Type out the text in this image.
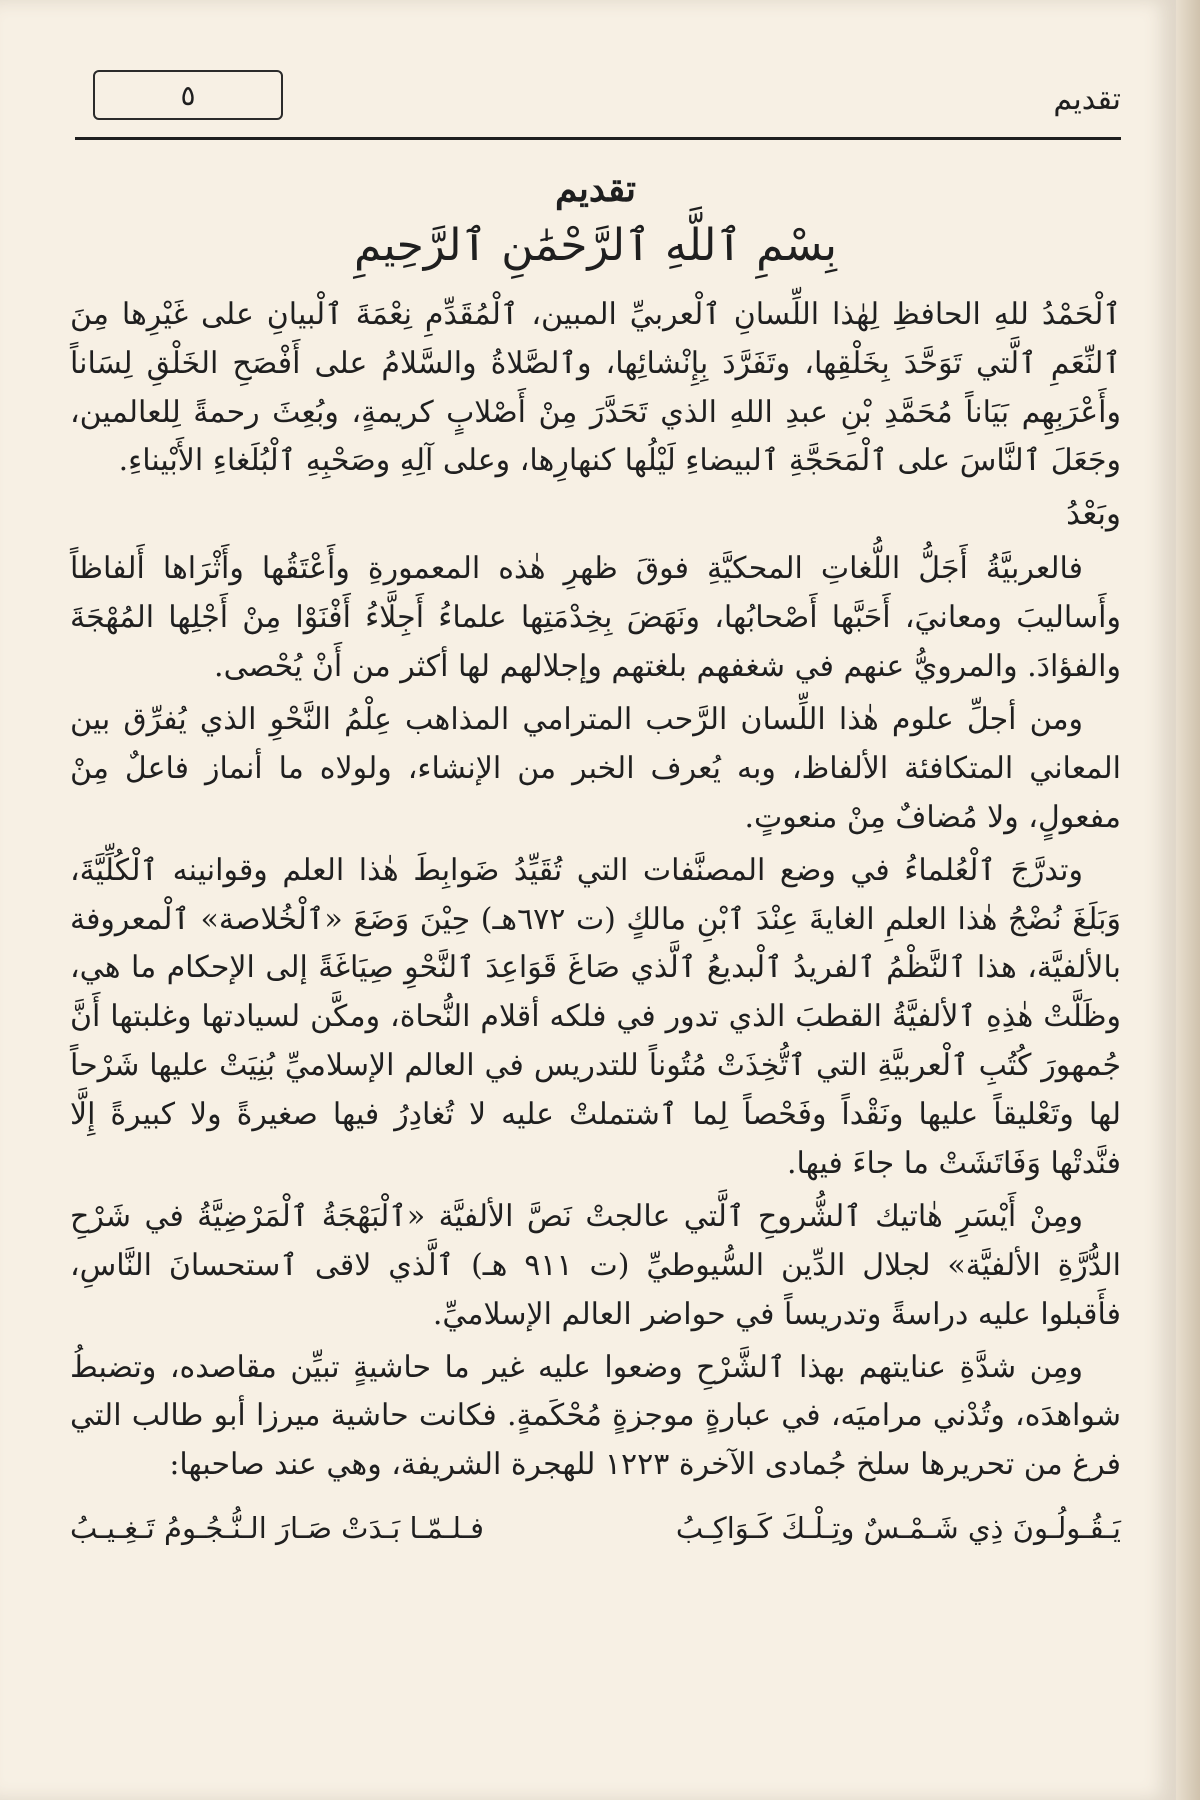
٥	تقديم
تقديم
بِسْمِ ٱللَّهِ ٱلرَّحْمَٰنِ ٱلرَّحِيمِ

ٱلْحَمْدُ للهِ الحافظِ لِهٰذا اللِّسانِ ٱلْعربيِّ المبين، ٱلْمُقَدِّمِ نِعْمَةَ ٱلْبيانِ على غَيْرِها مِنَ ٱلنِّعَمِ ٱلَّتي تَوَحَّدَ بِخَلْقِها، وتَفَرَّدَ بِإِنْشائِها، وٱلصَّلاةُ والسَّلامُ على أَفْصَحِ الخَلْقِ لِسَاناً وأَعْرَبِهِم بَيَاناً مُحَمَّدِ بْنِ عبدِ اللهِ الذي تَحَدَّرَ مِنْ أَصْلابٍ كريمةٍ، وبُعِثَ رحمةً لِلعالمين، وجَعَلَ ٱلنَّاسَ على ٱلْمَحَجَّةِ ٱلبيضاءِ لَيْلُها كنهارِها، وعلى آلِهِ وصَحْبِهِ ٱلْبُلَغاءِ الأَبْيناءِ.

وبَعْدُ

فالعربيَّةُ أَجَلُّ اللُّغاتِ المحكيَّةِ فوقَ ظهرِ هٰذه المعمورةِ وأَعْتَقُها وأَثْرَاها أَلفاظاً وأَساليبَ ومعانيَ، أَحَبَّها أَصْحابُها، ونَهَضَ بِخِدْمَتِها علماءُ أَجِلَّاءُ أَفْنَوْا مِنْ أَجْلِها المُهْجَةَ والفؤادَ. والمرويُّ عنهم في شغفهم بلغتهم وإجلالهم لها أكثر من أَنْ يُحْصى.

ومن أجلِّ علوم هٰذا اللِّسان الرَّحب المترامي المذاهب عِلْمُ النَّحْوِ الذي يُفرِّق بين المعاني المتكافئة الألفاظ، وبه يُعرف الخبر من الإنشاء، ولولاه ما أنماز فاعلٌ مِنْ مفعولٍ، ولا مُضافٌ مِنْ منعوتٍ.

وتدرَّجَ ٱلْعُلماءُ في وضع المصنَّفات التي تُقَيِّدُ ضَوابِطَ هٰذا العلم وقوانينه ٱلْكُلِّيَّةَ، وَبَلَغَ نُضْجُ هٰذا العلمِ الغايةَ عِنْدَ ٱبْنِ مالكٍ (ت ٦٧٢هـ) حِيْنَ وَضَعَ «ٱلْخُلاصة» ٱلْمعروفة بالألفيَّة، هذا ٱلنَّظْمُ ٱلفريدُ ٱلْبديعُ ٱلَّذي صَاغَ قَوَاعِدَ ٱلنَّحْوِ صِيَاغَةً إلى الإحكام ما هي، وظَلَّتْ هٰذِهِ ٱلألفيَّةُ القطبَ الذي تدور في فلكه أقلام النُّحاة، ومكَّن لسيادتها وغلبتها أَنَّ جُمهورَ كُتُبِ ٱلْعربيَّةِ التي ٱتُّخِذَتْ مُتُوناً للتدريس في العالم الإسلاميِّ بُنِيَتْ عليها شَرْحاً لها وتَعْليقاً عليها ونَقْداً وفَحْصاً لِما ٱشتملتْ عليه لا تُغادِرُ فيها صغيرةً ولا كبيرةً إِلَّا فنَّدتْها وَفَاتَشَتْ ما جاءَ فيها.

ومِنْ أَيْسَرِ هٰاتيك ٱلشُّروحِ ٱلَّتي عالجتْ نَصَّ الألفيَّة «ٱلْبَهْجَةُ ٱلْمَرْضِيَّةُ في شَرْحِ الدُّرَّةِ الألفيَّة» لجلال الدِّين السُّيوطيِّ (ت ٩١١ هـ) ٱلَّذي لاقى ٱستحسانَ النَّاسِ، فأَقبلوا عليه دراسةً وتدريساً في حواضر العالم الإسلاميِّ.

ومِن شدَّةِ عنايتهم بهذا ٱلشَّرْحِ وضعوا عليه غير ما حاشيةٍ تبيِّن مقاصده، وتضبطُ شواهدَه، وتُدْني مراميَه، في عبارةٍ موجزةٍ مُحْكَمةٍ. فكانت حاشية ميرزا أبو طالب التي فرغ من تحريرها سلخ جُمادى الآخرة ١٢٢٣ للهجرة الشريفة، وهي عند صاحبها:

يَـقُـولُـونَ ذِي شَـمْـسٌ وتِـلْـكَ كَـوَاكِـبُ
فـلـمّـا بَـدَتْ صَـارَ الـنُّـجُـومُ تَـغِـيـبُ
